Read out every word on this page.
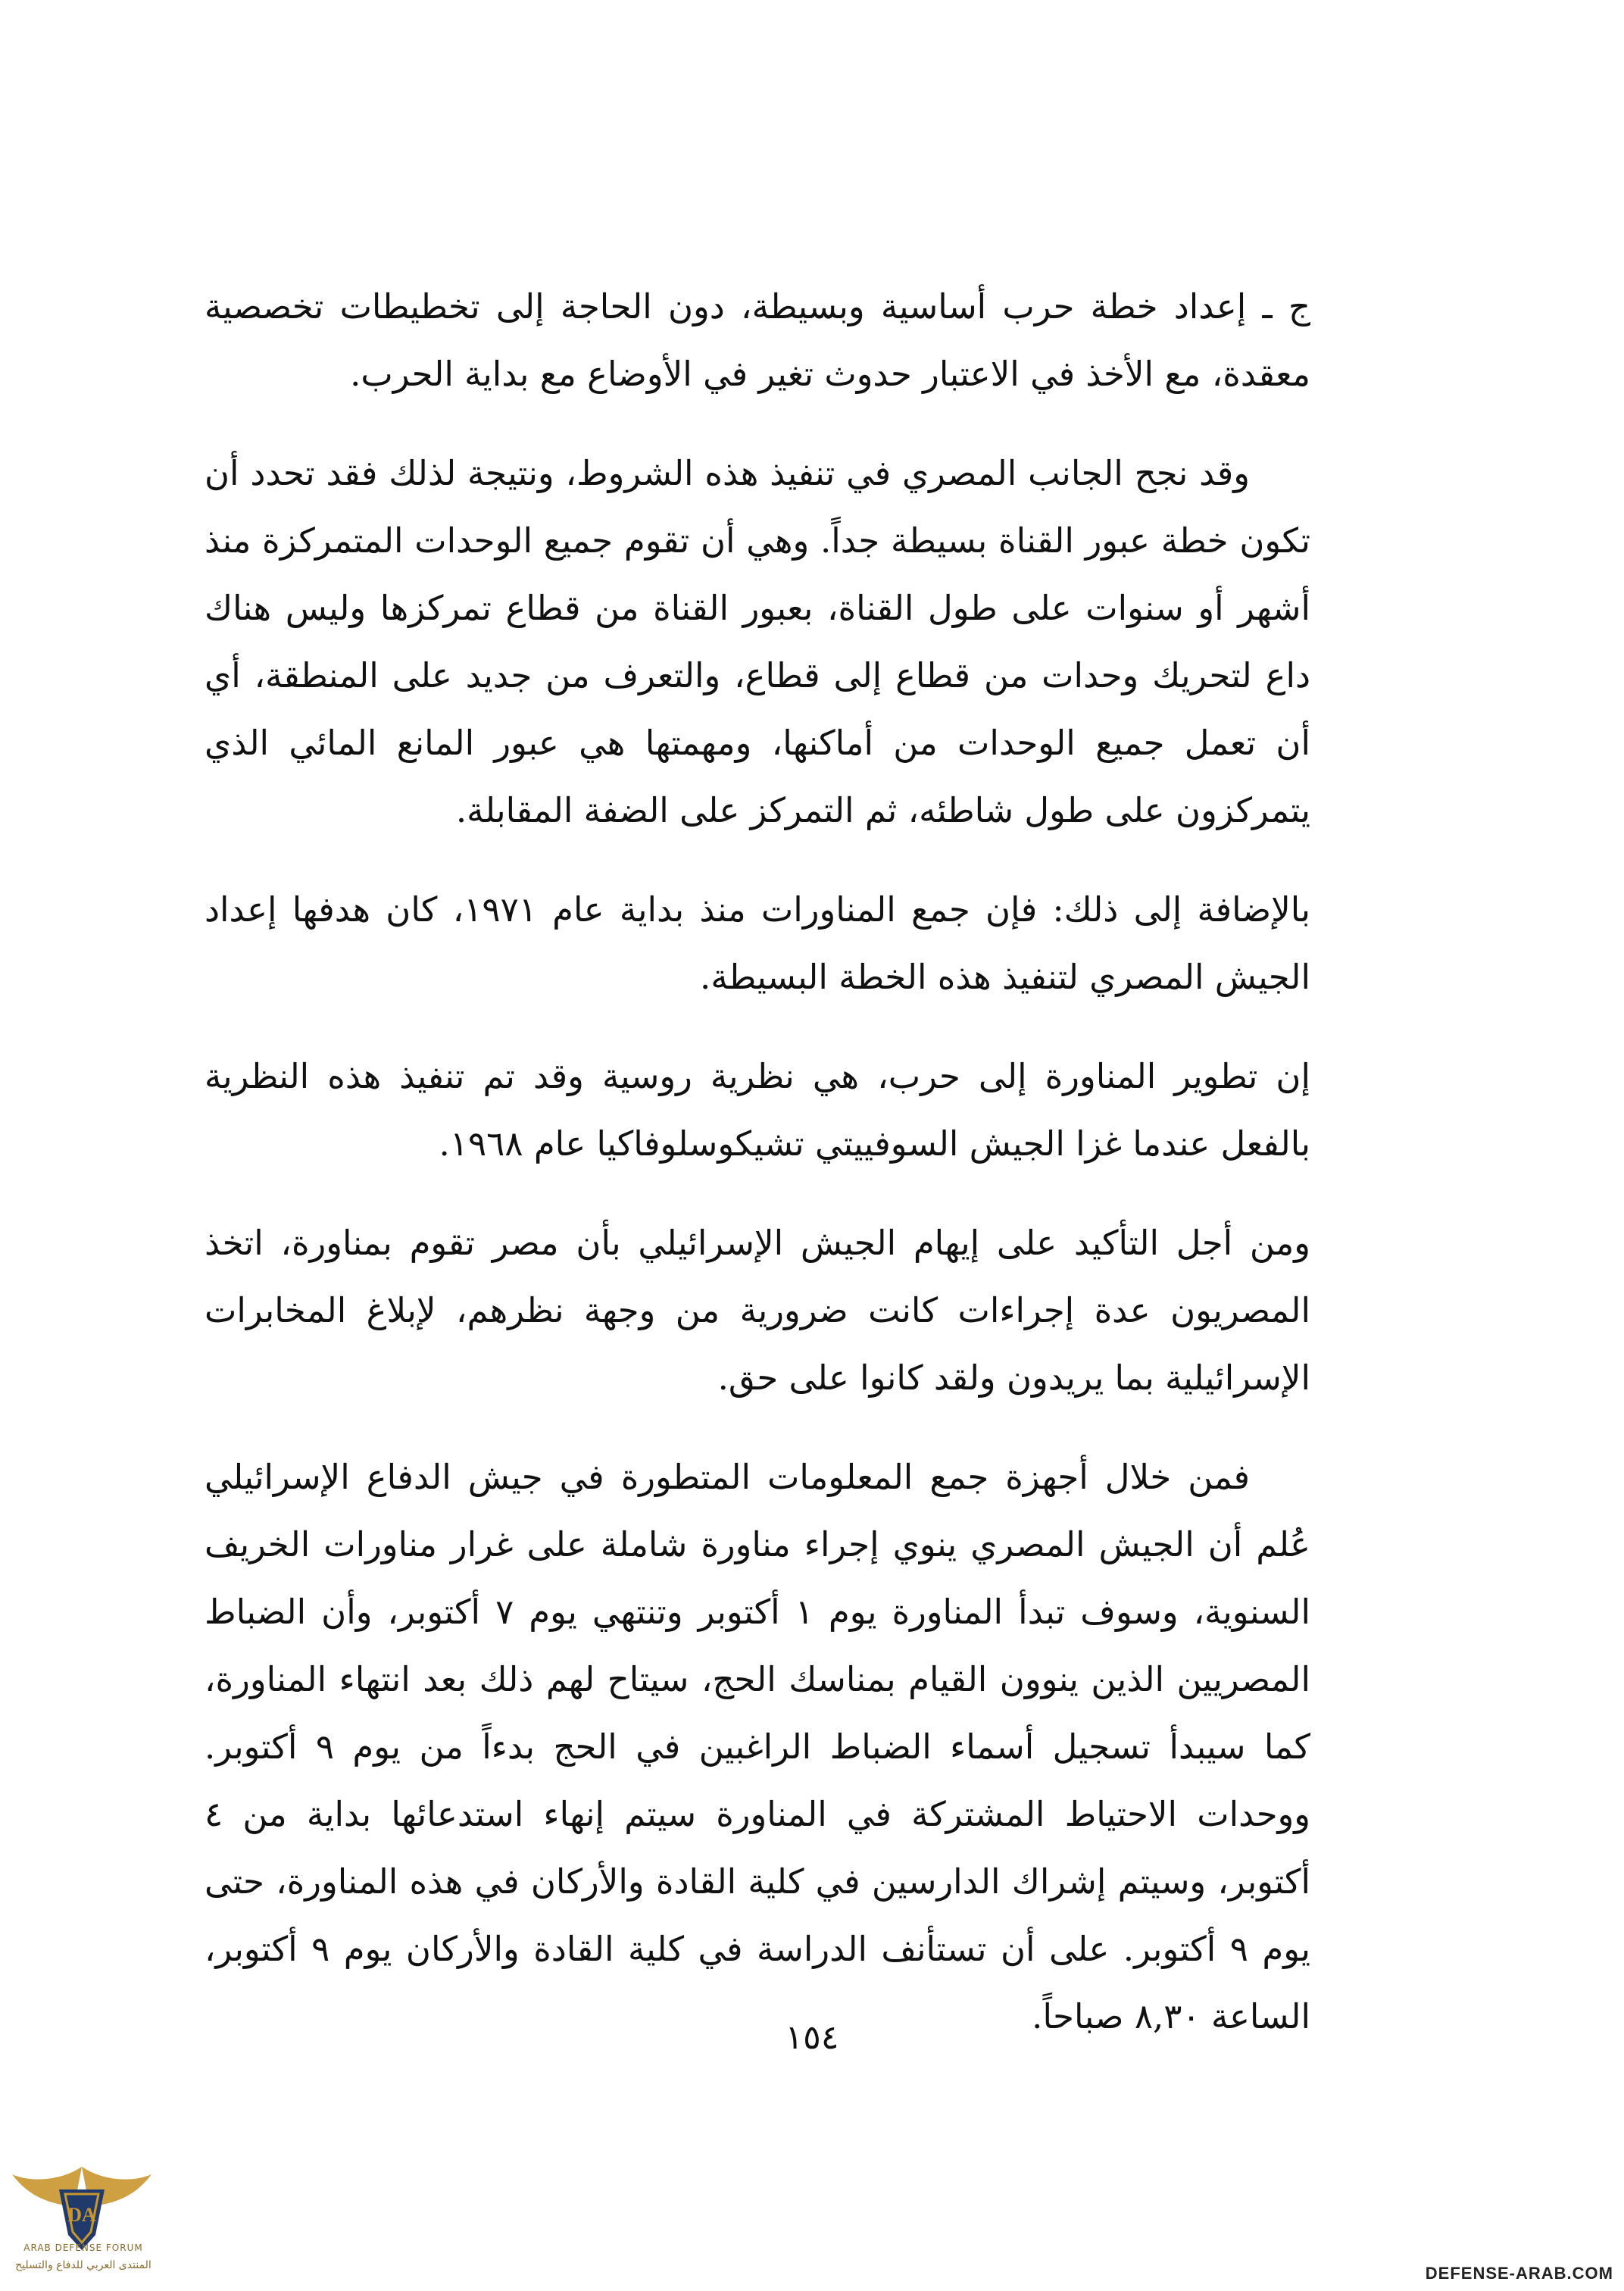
ج ـ إعداد خطة حرب أساسية وبسيطة، دون الحاجة إلى تخطيطات تخصصية معقدة، مع الأخذ في الاعتبار حدوث تغير في الأوضاع مع بداية الحرب.

وقد نجح الجانب المصري في تنفيذ هذه الشروط، ونتيجة لذلك فقد تحدد أن تكون خطة عبور القناة بسيطة جداً. وهي أن تقوم جميع الوحدات المتمركزة منذ أشهر أو سنوات على طول القناة، بعبور القناة من قطاع تمركزها وليس هناك داع لتحريك وحدات من قطاع إلى قطاع، والتعرف من جديد على المنطقة، أي أن تعمل جميع الوحدات من أماكنها، ومهمتها هي عبور المانع المائي الذي يتمركزون على طول شاطئه، ثم التمركز على الضفة المقابلة.

بالإضافة إلى ذلك: فإن جمع المناورات منذ بداية عام ١٩٧١، كان هدفها إعداد الجيش المصري لتنفيذ هذه الخطة البسيطة.

إن تطوير المناورة إلى حرب، هي نظرية روسية وقد تم تنفيذ هذه النظرية بالفعل عندما غزا الجيش السوفييتي تشيكوسلوفاكيا عام ١٩٦٨.

ومن أجل التأكيد على إيهام الجيش الإسرائيلي بأن مصر تقوم بمناورة، اتخذ المصريون عدة إجراءات كانت ضرورية من وجهة نظرهم، لإبلاغ المخابرات الإسرائيلية بما يريدون ولقد كانوا على حق.

فمن خلال أجهزة جمع المعلومات المتطورة في جيش الدفاع الإسرائيلي عُلم أن الجيش المصري ينوي إجراء مناورة شاملة على غرار مناورات الخريف السنوية، وسوف تبدأ المناورة يوم ١ أكتوبر وتنتهي يوم ٧ أكتوبر، وأن الضباط المصريين الذين ينوون القيام بمناسك الحج، سيتاح لهم ذلك بعد انتهاء المناورة، كما سيبدأ تسجيل أسماء الضباط الراغبين في الحج بدءاً من يوم ٩ أكتوبر. ووحدات الاحتياط المشتركة في المناورة سيتم إنهاء استدعائها بداية من ٤ أكتوبر، وسيتم إشراك الدارسين في كلية القادة والأركان في هذه المناورة، حتى يوم ٩ أكتوبر. على أن تستأنف الدراسة في كلية القادة والأركان يوم ٩ أكتوبر، الساعة ٨,٣٠ صباحاً.

١٥٤
DA
ARAB DEFENSE FORUM
المنتدى العربي للدفاع والتسليح	DEFENSE-ARAB.COM
